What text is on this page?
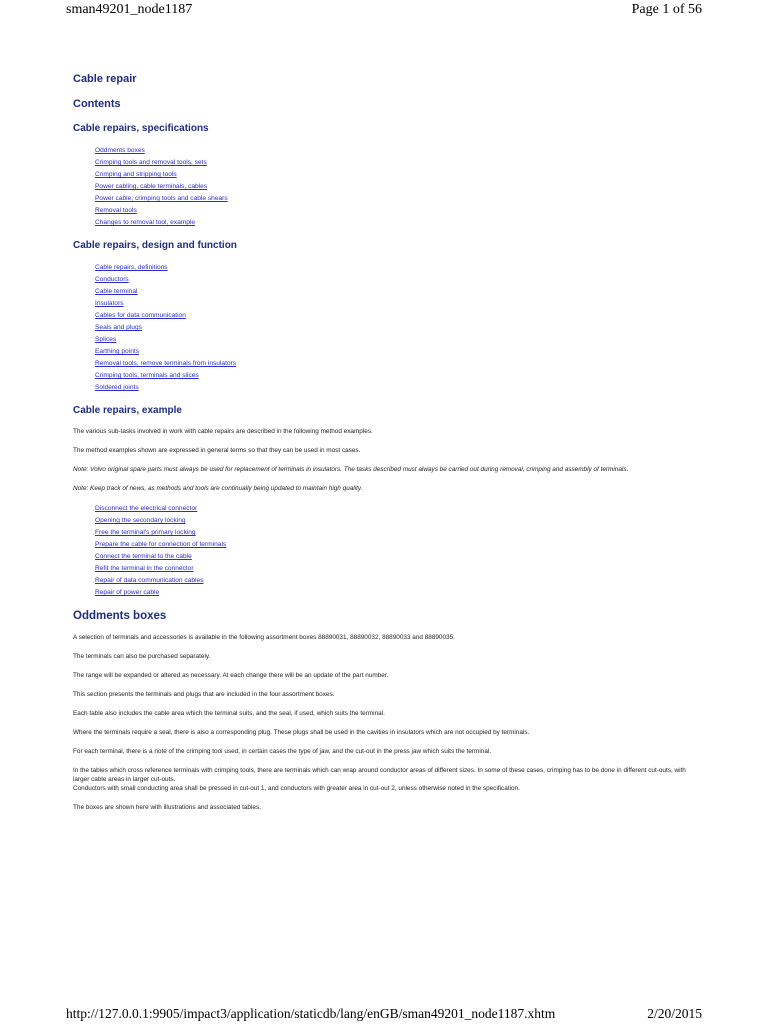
sman49201_node1187	Page 1 of 56
Cable repair
Contents
Cable repairs, specifications
Oddments boxes
Crimping tools and removal tools, sets
Crimping and stripping tools
Power cabling, cable terminals, cables
Power cable; crimping tools and cable shears
Removal tools
Changes to removal tool, example
Cable repairs, design and function
Cable repairs, definitions
Conductors
Cable terminal
Insulators
Cables for data communication
Seals and plugs
Splices
Earthing points
Removal tools, remove terminals from insulators
Crimping tools, terminals and slices
Soldered joints
Cable repairs, example

The various sub-tasks involved in work with cable repairs are described in the following method examples.

The method examples shown are expressed in general terms so that they can be used in most cases.

Note: Volvo original spare parts must always be used for replacement of terminals in insulators. The tasks described must always be carried out during removal, crimping and assembly of terminals.

Note: Keep track of news, as methods and tools are continually being updated to maintain high quality.

Disconnect the electrical connector
Opening the secondary locking
Free the terminal's primary locking
Prepare the cable for connection of terminals
Connect the terminal to the cable
Refit the terminal in the connector
Repair of data communication cables
Repair of power cable
Oddments boxes

A selection of terminals and accessories is available in the following assortment boxes 88890031, 88890032, 88890033 and 88890035.

The terminals can also be purchased separately.

The range will be expanded or altered as necessary. At each change there will be an update of the part number.

This section presents the terminals and plugs that are included in the four assortment boxes.

Each table also includes the cable area which the terminal suits, and the seal, if used, which suits the terminal.

Where the terminals require a seal, there is also a corresponding plug. These plugs shall be used in the cavities in insulators which are not occupied by terminals.

For each terminal, there is a note of the crimping tool used, in certain cases the type of jaw, and the cut-out in the press jaw which suits the terminal.

In the tables which cross reference terminals with crimping tools, there are terminals which can wrap around conductor areas of different sizes. In some of these cases, crimping has to be done in different cut-outs, with larger cable areas in larger cut-outs.

Conductors with small conducting area shall be pressed in cut-out 1, and conductors with greater area in cut-out 2, unless otherwise noted in the specification.

The boxes are shown here with illustrations and associated tables.

http://127.0.0.1:9905/impact3/application/staticdb/lang/enGB/sman49201_node1187.xhtm	2/20/2015
